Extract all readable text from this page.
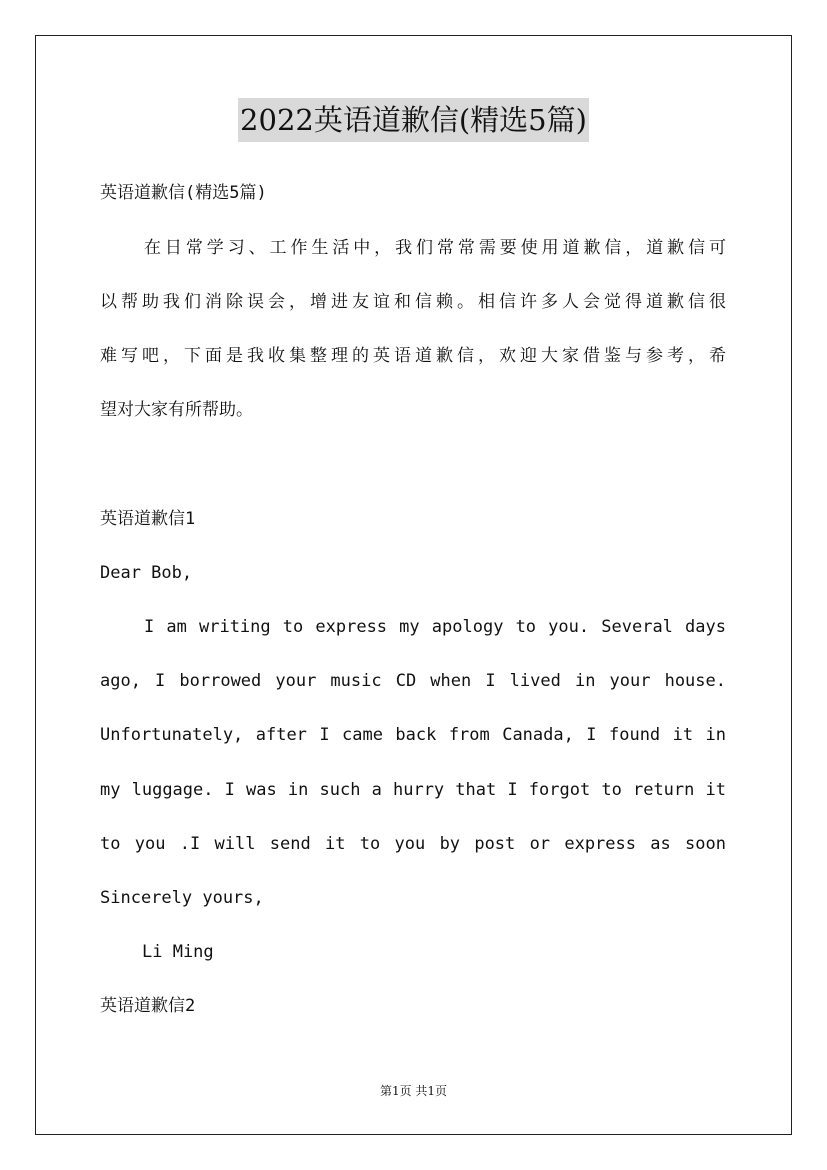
2022英语道歉信(精选5篇)
英语道歉信(精选5篇)
在日常学习、工作生活中，我们常常需要使用道歉信，道歉信可
以帮助我们消除误会，增进友谊和信赖。相信许多人会觉得道歉信很
难写吧，下面是我收集整理的英语道歉信，欢迎大家借鉴与参考，希
望对大家有所帮助。
英语道歉信1
Dear Bob,
I am writing to express my apology to you. Several days
ago, I borrowed your music CD when I lived in your house.
Unfortunately, after I came back from Canada, I found it in
my luggage. I was in such a hurry that I forgot to return it
to you .I will send it to you by post or express as soon
Sincerely yours,
Li Ming
英语道歉信2
第1页 共1页
